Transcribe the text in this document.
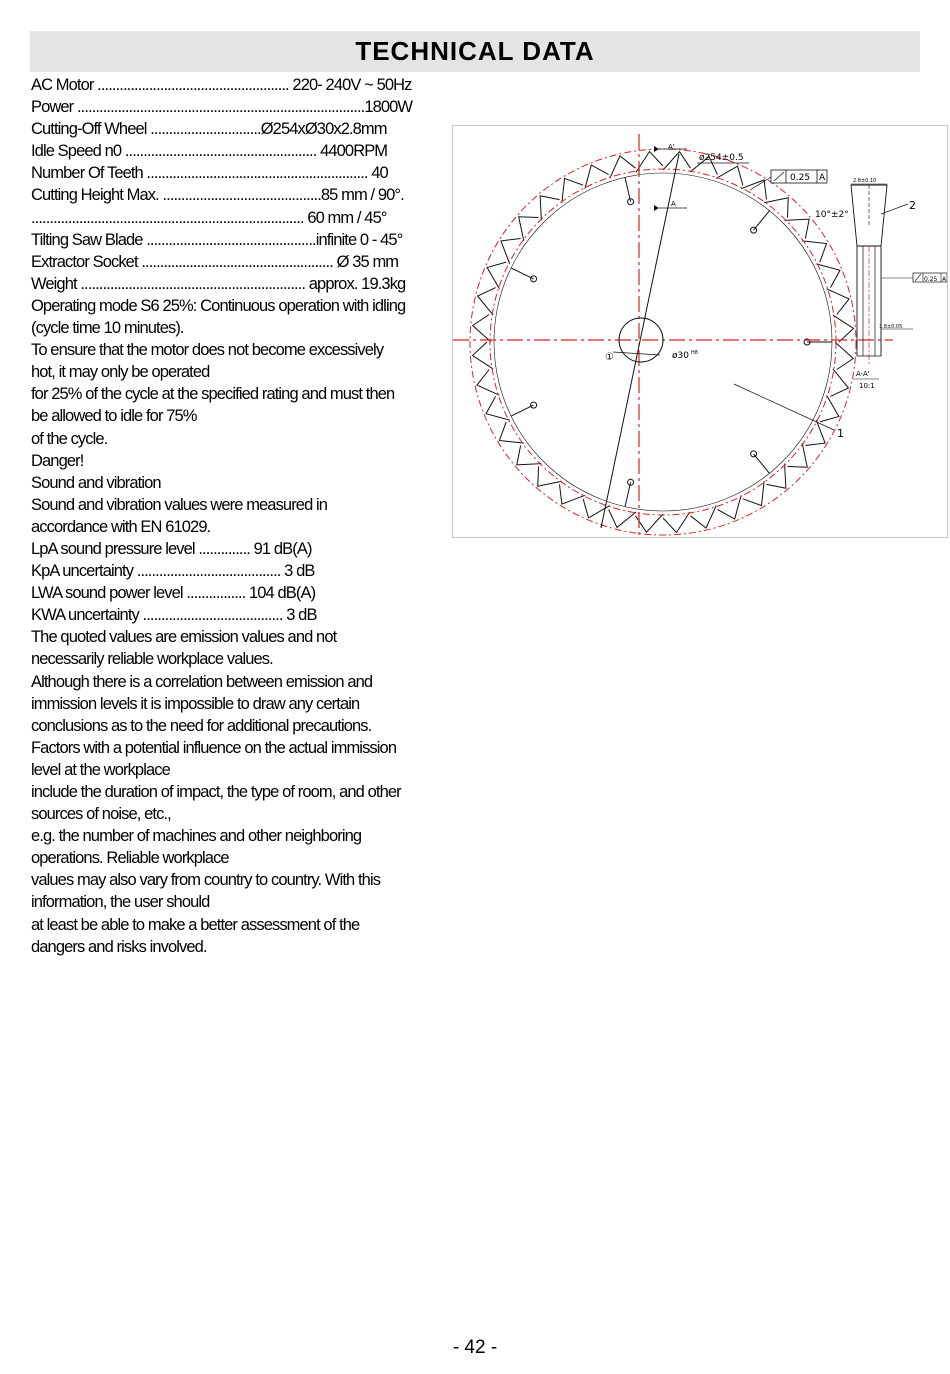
TECHNICAL DATA
AC Motor .................................................... 220- 240V ~ 50Hz
Power ..............................................................................1800W
Cutting-Off Wheel ..............................Ø254xØ30x2.8mm
Idle Speed n0 .................................................... 4400RPM
Number Of Teeth ............................................................ 40
Cutting Height Max. ...........................................85 mm / 90°.
.......................................................................... 60 mm / 45°
Tilting Saw Blade ..............................................infinite 0 - 45°
Extractor Socket .................................................... Ø 35 mm
Weight ............................................................. approx. 19.3kg
Operating mode S6 25%: Continuous operation with idling
(cycle time 10 minutes).
To ensure that the motor does not become excessively
hot, it may only be operated
for 25% of the cycle at the specified rating and must then
be allowed to idle for 75%
of the cycle.
Danger!
Sound and vibration
Sound and vibration values were measured in
accordance with EN 61029.
LpA sound pressure level .............. 91 dB(A)
KpA uncertainty ....................................... 3 dB
LWA sound power level ................ 104 dB(A)
KWA uncertainty ...................................... 3 dB
The quoted values are emission values and not
necessarily reliable workplace values.
Although there is a correlation between emission and
immission levels it is impossible to draw any certain
conclusions as to the need for additional precautions.
Factors with a potential influence on the actual immission
level at the workplace
include the duration of impact, the type of room, and other
sources of noise, etc.,
e.g. the number of machines and other neighboring
operations. Reliable workplace
values may also vary from country to country. With this
information, the user should
at least be able to make a better assessment of the
dangers and risks involved.
A'
A
ø254±0.5
0.25 A
①	ø30 H8
1
2.8±0.10
10°±2°
2
0.25 A
1.8±0.05
A-A'
10:1
- 42 -
